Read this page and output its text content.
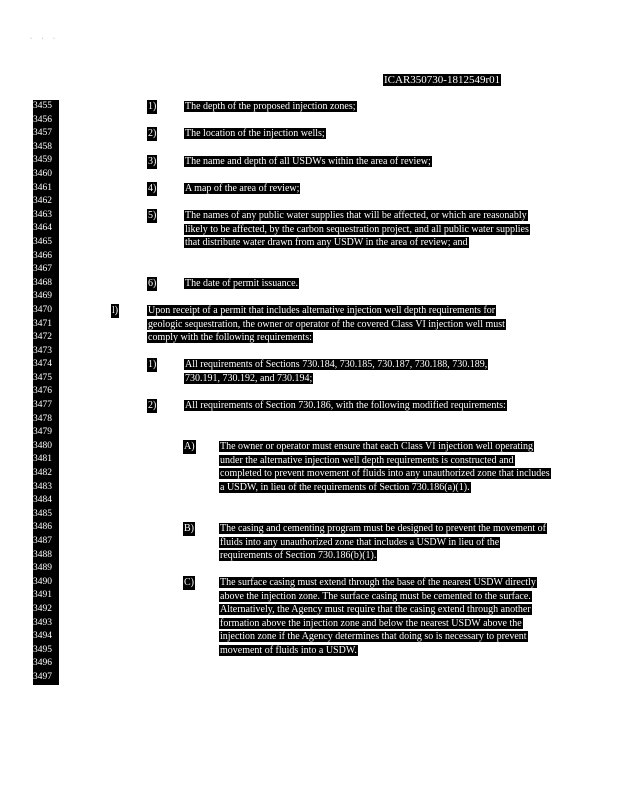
· · ·
ICAR350730-1812549r01
3455
3456
3457
3458
3459
3460
3461
3462
3463
3464
3465
3466
3467
3468
3469
3470
3471
3472
3473
3474
3475
3476
3477
3478
3479
3480
3481
3482
3483
3484
3485
3486
3487
3488
3489
3490
3491
3492
3493
3494
3495
3496
3497
1)	The depth of the proposed injection zones;
2)	The location of the injection wells;
3)	The name and depth of all USDWs within the area of review;
4)	A map of the area of review;
5)	The names of any public water supplies that will be affected, or which are reasonably likely to be affected, by the carbon sequestration project, and all public water supplies that distribute water drawn from any USDW in the area of review; and
6)	The date of permit issuance.
l)	Upon receipt of a permit that includes alternative injection well depth requirements for geologic sequestration, the owner or operator of the covered Class VI injection well must comply with the following requirements:
1)	All requirements of Sections 730.184, 730.185, 730.187, 730.188, 730.189, 730.191, 730.192, and 730.194;
2)	All requirements of Section 730.186, with the following modified requirements:
A)	The owner or operator must ensure that each Class VI injection well operating under the alternative injection well depth requirements is constructed and completed to prevent movement of fluids into any unauthorized zone that includes a USDW, in lieu of the requirements of Section 730.186(a)(1).
B)	The casing and cementing program must be designed to prevent the movement of fluids into any unauthorized zone that includes a USDW in lieu of the requirements of Section 730.186(b)(1).
C)	The surface casing must extend through the base of the nearest USDW directly above the injection zone. The surface casing must be cemented to the surface. Alternatively, the Agency must require that the casing extend through another formation above the injection zone and below the nearest USDW above the injection zone if the Agency determines that doing so is necessary to prevent movement of fluids into a USDW.
